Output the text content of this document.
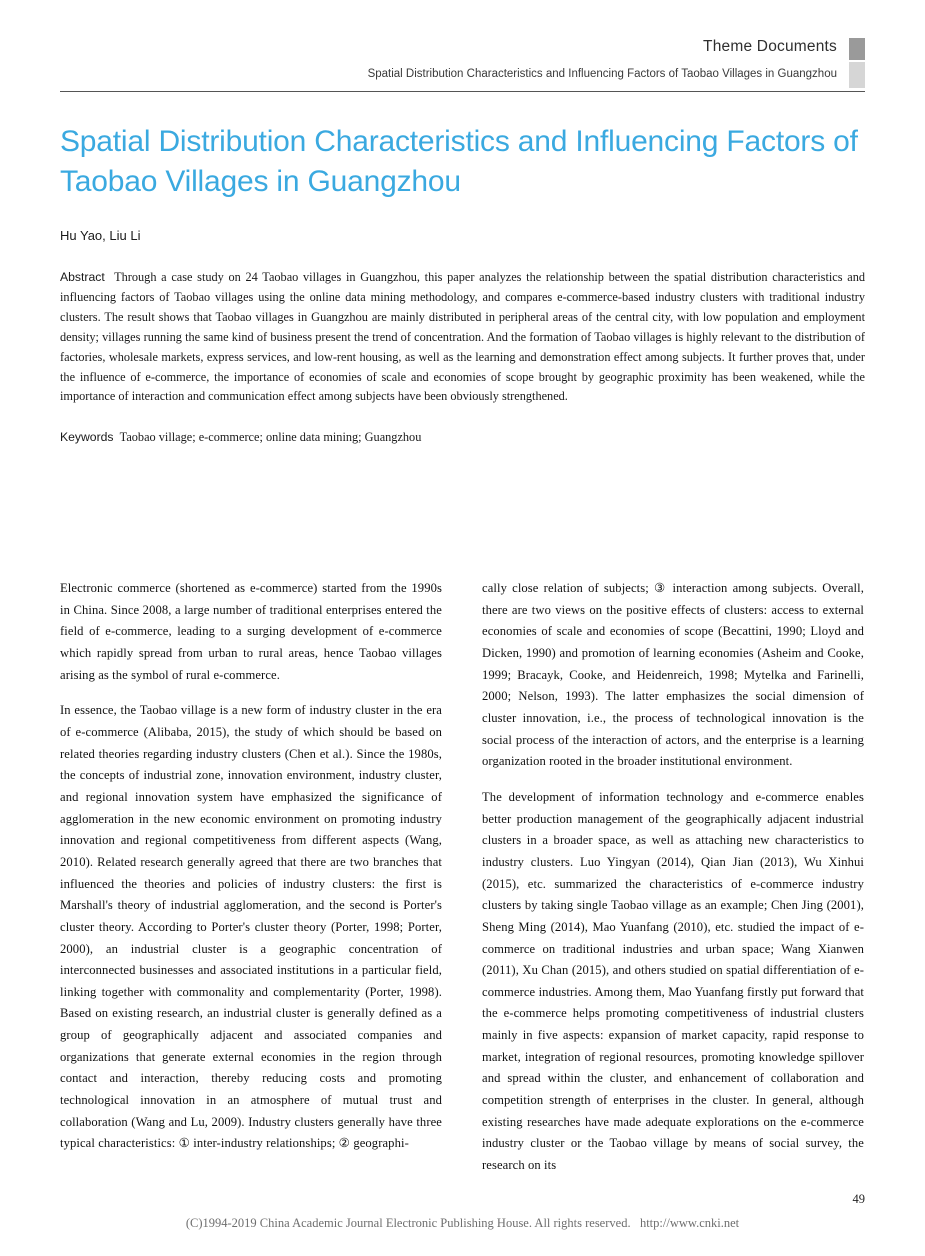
Theme Documents
Spatial Distribution Characteristics and Influencing Factors of Taobao Villages in Guangzhou
Spatial Distribution Characteristics and Influencing Factors of Taobao Villages in Guangzhou
Hu Yao, Liu Li
Abstract Through a case study on 24 Taobao villages in Guangzhou, this paper analyzes the relationship between the spatial distribution characteristics and influencing factors of Taobao villages using the online data mining methodology, and compares e-commerce-based industry clusters with traditional industry clusters. The result shows that Taobao villages in Guangzhou are mainly distributed in peripheral areas of the central city, with low population and employment density; villages running the same kind of business present the trend of concentration. And the formation of Taobao villages is highly relevant to the distribution of factories, wholesale markets, express services, and low-rent housing, as well as the learning and demonstration effect among subjects. It further proves that, under the influence of e-commerce, the importance of economies of scale and economies of scope brought by geographic proximity has been weakened, while the importance of interaction and communication effect among subjects have been obviously strengthened.
Keywords Taobao village; e-commerce; online data mining; Guangzhou

Electronic commerce (shortened as e-commerce) started from the 1990s in China. Since 2008, a large number of traditional enterprises entered the field of e-commerce, leading to a surging development of e-commerce which rapidly spread from urban to rural areas, hence Taobao villages arising as the symbol of rural e-commerce.

In essence, the Taobao village is a new form of industry cluster in the era of e-commerce (Alibaba, 2015), the study of which should be based on related theories regarding industry clusters (Chen et al.). Since the 1980s, the concepts of industrial zone, innovation environment, industry cluster, and regional innovation system have emphasized the significance of agglomeration in the new economic environment on promoting industry innovation and regional competitiveness from different aspects (Wang, 2010). Related research generally agreed that there are two branches that influenced the theories and policies of industry clusters: the first is Marshall's theory of industrial agglomeration, and the second is Porter's cluster theory. According to Porter's cluster theory (Porter, 1998; Porter, 2000), an industrial cluster is a geographic concentration of interconnected businesses and associated institutions in a particular field, linking together with commonality and complementarity (Porter, 1998). Based on existing research, an industrial cluster is generally defined as a group of geographically adjacent and associated companies and organizations that generate external economies in the region through contact and interaction, thereby reducing costs and promoting technological innovation in an atmosphere of mutual trust and collaboration (Wang and Lu, 2009). Industry clusters generally have three typical characteristics: ① inter-industry relationships; ② geographi-

cally close relation of subjects; ③ interaction among subjects. Overall, there are two views on the positive effects of clusters: access to external economies of scale and economies of scope (Becattini, 1990; Lloyd and Dicken, 1990) and promotion of learning economies (Asheim and Cooke, 1999; Bracayk, Cooke, and Heidenreich, 1998; Mytelka and Farinelli, 2000; Nelson, 1993). The latter emphasizes the social dimension of cluster innovation, i.e., the process of technological innovation is the social process of the interaction of actors, and the enterprise is a learning organization rooted in the broader institutional environment.

The development of information technology and e-commerce enables better production management of the geographically adjacent industrial clusters in a broader space, as well as attaching new characteristics to industry clusters. Luo Yingyan (2014), Qian Jian (2013), Wu Xinhui (2015), etc. summarized the characteristics of e-commerce industry clusters by taking single Taobao village as an example; Chen Jing (2001), Sheng Ming (2014), Mao Yuanfang (2010), etc. studied the impact of e-commerce on traditional industries and urban space; Wang Xianwen (2011), Xu Chan (2015), and others studied on spatial differentiation of e-commerce industries. Among them, Mao Yuanfang firstly put forward that the e-commerce helps promoting competitiveness of industrial clusters mainly in five aspects: expansion of market capacity, rapid response to market, integration of regional resources, promoting knowledge spillover and spread within the cluster, and enhancement of collaboration and competition strength of enterprises in the cluster. In general, although existing researches have made adequate explorations on the e-commerce industry cluster or the Taobao village by means of social survey, the research on its

49
(C)1994-2019 China Academic Journal Electronic Publishing House. All rights reserved. http://www.cnki.net
